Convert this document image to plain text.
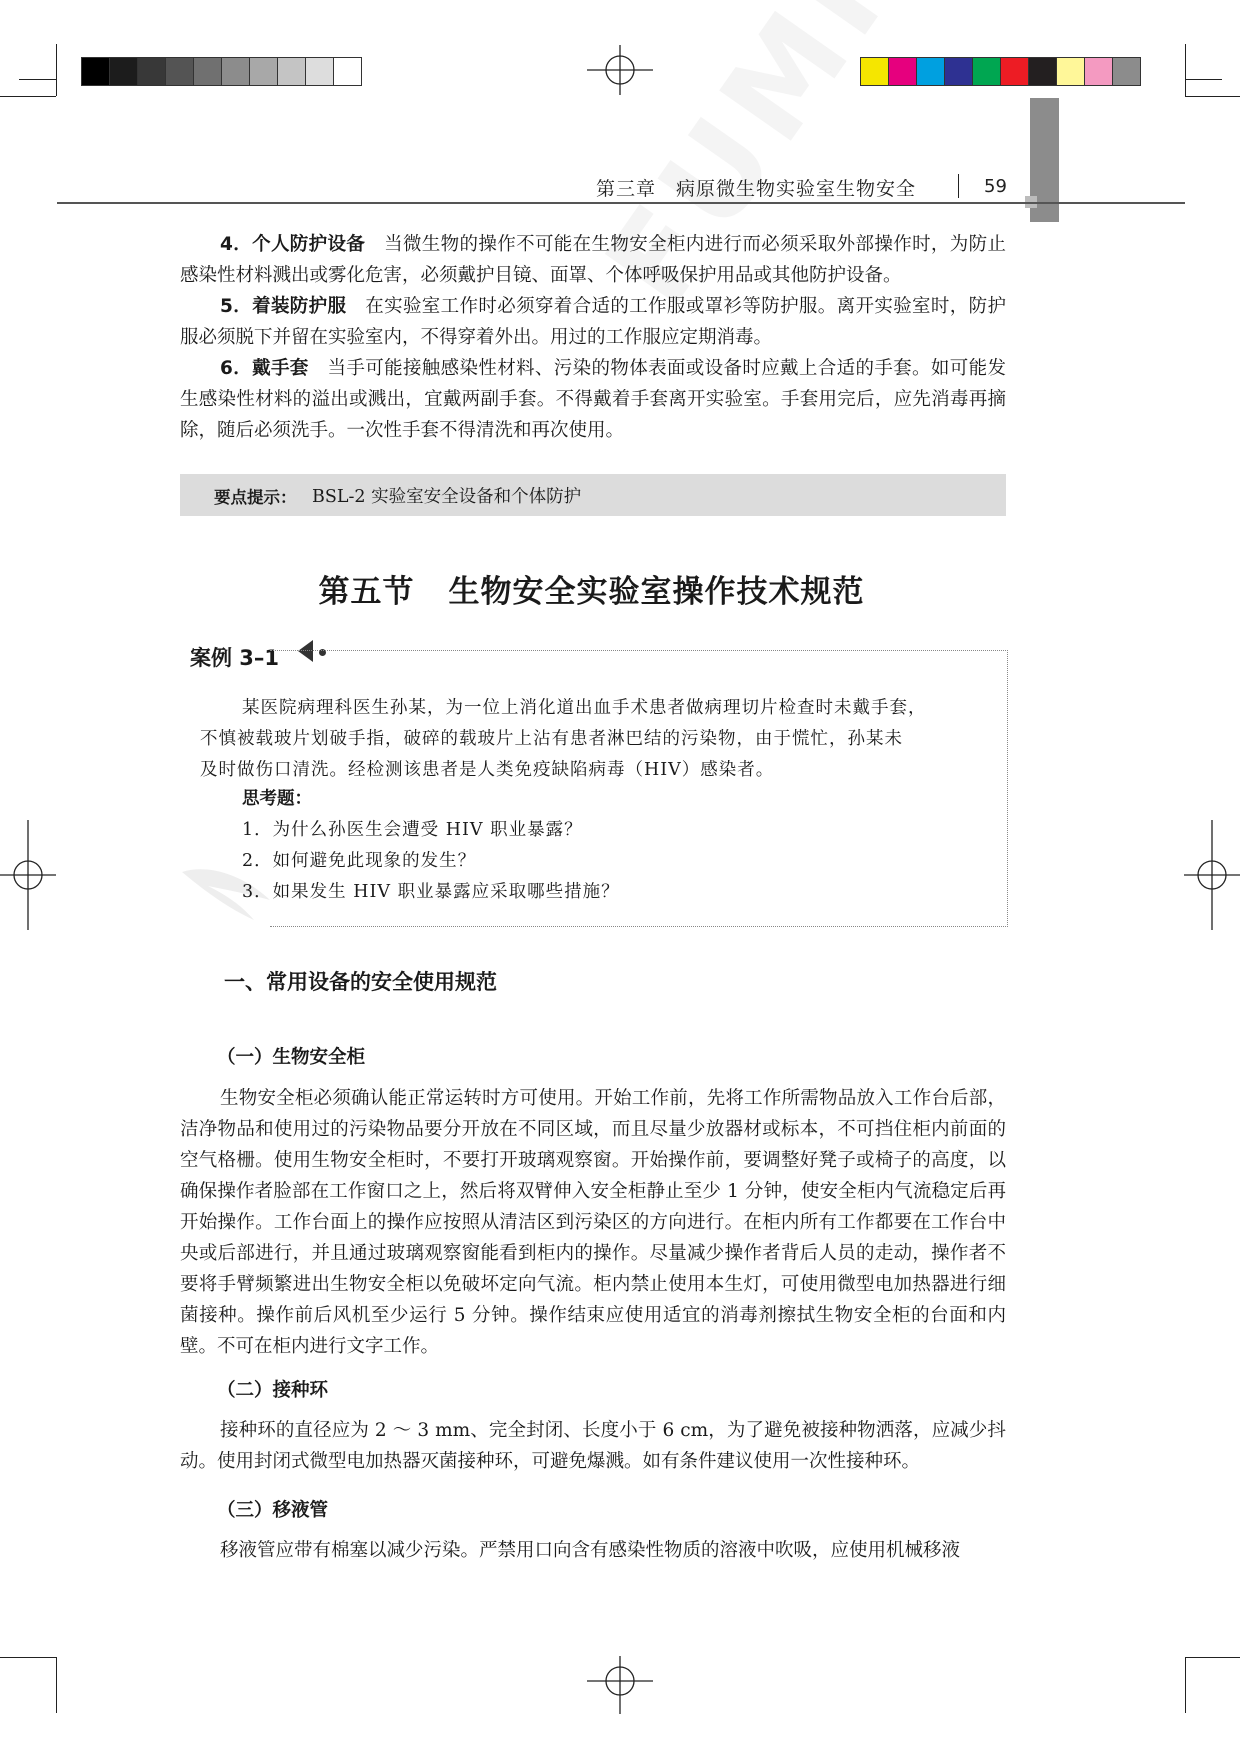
第三章　病原微生物实验室生物安全	59
4．个人防护设备　 当微生物的操作不可能在生物安全柜内进行而必须采取外部操作时，为防止感染性材料溅出或雾化危害，必须戴护目镜、面罩、个体呼吸保护用品或其他防护设备。
5．着装防护服　 在实验室工作时必须穿着合适的工作服或罩衫等防护服。离开实验室时，防护服必须脱下并留在实验室内，不得穿着外出。用过的工作服应定期消毒。
6．戴手套　 当手可能接触感染性材料、污染的物体表面或设备时应戴上合适的手套。如可能发生感染性材料的溢出或溅出，宜戴两副手套。不得戴着手套离开实验室。手套用完后，应先消毒再摘除，随后必须洗手。一次性手套不得清洗和再次使用。
要点提示： BSL-2 实验室安全设备和个体防护
第五节 生物安全实验室操作技术规范
案例 3–1
某医院病理科医生孙某，为一位上消化道出血手术患者做病理切片检查时未戴手套，
不慎被载玻片划破手指，破碎的载玻片上沾有患者淋巴结的污染物，由于慌忙，孙某未
及时做伤口清洗。经检测该患者是人类免疫缺陷病毒（HIV）感染者。
思考题：
1．为什么孙医生会遭受 HIV 职业暴露？
2．如何避免此现象的发生？
3．如果发生 HIV 职业暴露应采取哪些措施？
一、常用设备的安全使用规范
（一）生物安全柜
生物安全柜必须确认能正常运转时方可使用。开始工作前，先将工作所需物品放入工作台后部，洁净物品和使用过的污染物品要分开放在不同区域，而且尽量少放器材或标本，不可挡住柜内前面的空气格栅。使用生物安全柜时，不要打开玻璃观察窗。开始操作前，要调整好凳子或椅子的高度，以确保操作者脸部在工作窗口之上，然后将双臂伸入安全柜静止至少 1 分钟，使安全柜内气流稳定后再开始操作。工作台面上的操作应按照从清洁区到污染区的方向进行。在柜内所有工作都要在工作台中央或后部进行，并且通过玻璃观察窗能看到柜内的操作。尽量减少操作者背后人员的走动，操作者不要将手臂频繁进出生物安全柜以免破坏定向气流。柜内禁止使用本生灯，可使用微型电加热器进行细菌接种。操作前后风机至少运行 5 分钟。操作结束应使用适宜的消毒剂擦拭生物安全柜的台面和内壁。不可在柜内进行文字工作。
（二）接种环
接种环的直径应为 2 ～ 3 mm、完全封闭、长度小于 6 cm，为了避免被接种物洒落，应减少抖动。使用封闭式微型电加热器灭菌接种环，可避免爆溅。如有条件建议使用一次性接种环。
（三）移液管
移液管应带有棉塞以减少污染。严禁用口向含有感染性物质的溶液中吹吸，应使用机械移液
